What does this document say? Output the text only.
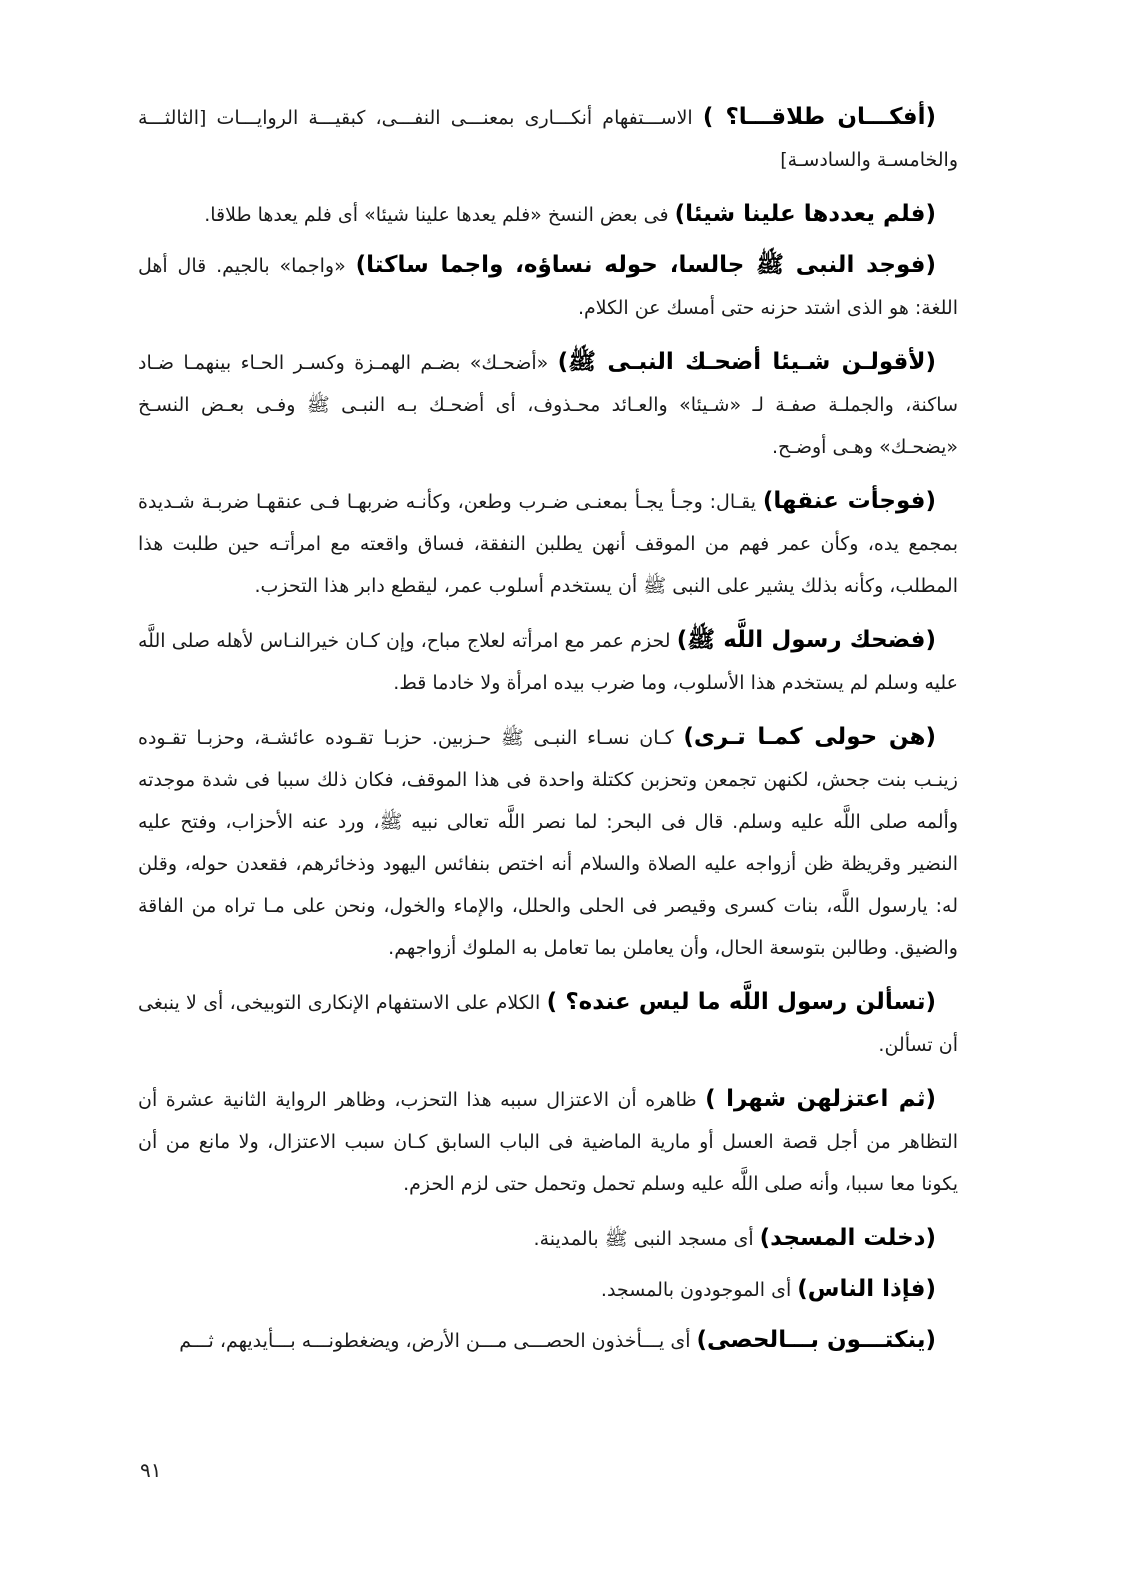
(أفكـــان طلاقـــا؟ ) الاســـتفهام أنكـــارى بمعنـــى النفـــى، كبقيـــة الروايـــات [الثالثـــة والخامسـة والسادسـة]

(فلم يعددها علينا شيئا) فى بعض النسخ «فلم يعدها علينا شيئا» أى فلم يعدها طلاقا.

(فوجد النبى ﷺ جالسا، حوله نساؤه، واجما ساكتا) «واجما» بالجيم. قال أهل اللغة: هو الذى اشتد حزنه حتى أمسك عن الكلام.

(لأقولـن شـيئا أضحـك النبـى ﷺ) «أضحـك» بضـم الهمـزة وكسـر الحـاء بينهمـا ضـاد ساكنة، والجملـة صفـة لـ «شـيئا» والعـائد محـذوف، أى أضحـك بـه النبـى ﷺ وفـى بعـض النسـخ «يضحـك» وهـى أوضـح.

(فوجأت عنقها) يقـال: وجـأ يجـأ بمعنـى ضـرب وطعن، وكأنـه ضربهـا فـى عنقهـا ضربـة شـديدة بمجمع يده، وكأن عمر فهم من الموقف أنهن يطلبن النفقة، فساق واقعته مع امرأتـه حين طلبت هذا المطلب، وكأنه بذلك يشير على النبى ﷺ أن يستخدم أسلوب عمر، ليقطع دابر هذا التحزب.

(فضحك رسول اللَّه ﷺ) لحزم عمر مع امرأته لعلاج مباح، وإن كـان خيرالنـاس لأهله صلى اللَّه عليه وسلم لم يستخدم هذا الأسلوب، وما ضرب بيده امرأة ولا خادما قط.

(هن حولى كمـا تـرى) كـان نسـاء النبـى ﷺ حـزبين. حزبـا تقـوده عائشـة، وحزبـا تقـوده زينـب بنت جحش، لكنهن تجمعن وتحزبن ككتلة واحدة فى هذا الموقف، فكان ذلك سببا فى شدة موجدته وألمه صلى اللَّه عليه وسلم. قال فى البحر: لما نصر اللَّه تعالى نبيه ﷺ، ورد عنه الأحزاب، وفتح عليه النضير وقريظة ظن أزواجه عليه الصلاة والسلام أنه اختص بنفائس اليهود وذخائرهم، فقعدن حوله، وقلن له: يارسول اللَّه، بنات كسرى وقيصر فى الحلى والحلل، والإماء والخول، ونحن على مـا تراه من الفاقة والضيق. وطالبن بتوسعة الحال، وأن يعاملن بما تعامل به الملوك أزواجهم.

(تسألن رسول اللَّه ما ليس عنده؟ ) الكلام على الاستفهام الإنكارى التوبيخى، أى لا ينبغى أن تسألن.

(ثم اعتزلهن شهرا ) ظاهره أن الاعتزال سببه هذا التحزب، وظاهر الرواية الثانية عشرة أن التظاهر من أجل قصة العسل أو مارية الماضية فى الباب السابق كـان سبب الاعتزال، ولا مانع من أن يكونا معا سببا، وأنه صلى اللَّه عليه وسلم تحمل وتحمل حتى لزم الحزم.

(دخلت المسجد) أى مسجد النبى ﷺ بالمدينة.

(فإذا الناس) أى الموجودون بالمسجد.

(ينكتـــون بـــالحصى) أى يـــأخذون الحصـــى مـــن الأرض، ويضغطونـــه بـــأيديهم، ثـــم

٩١
